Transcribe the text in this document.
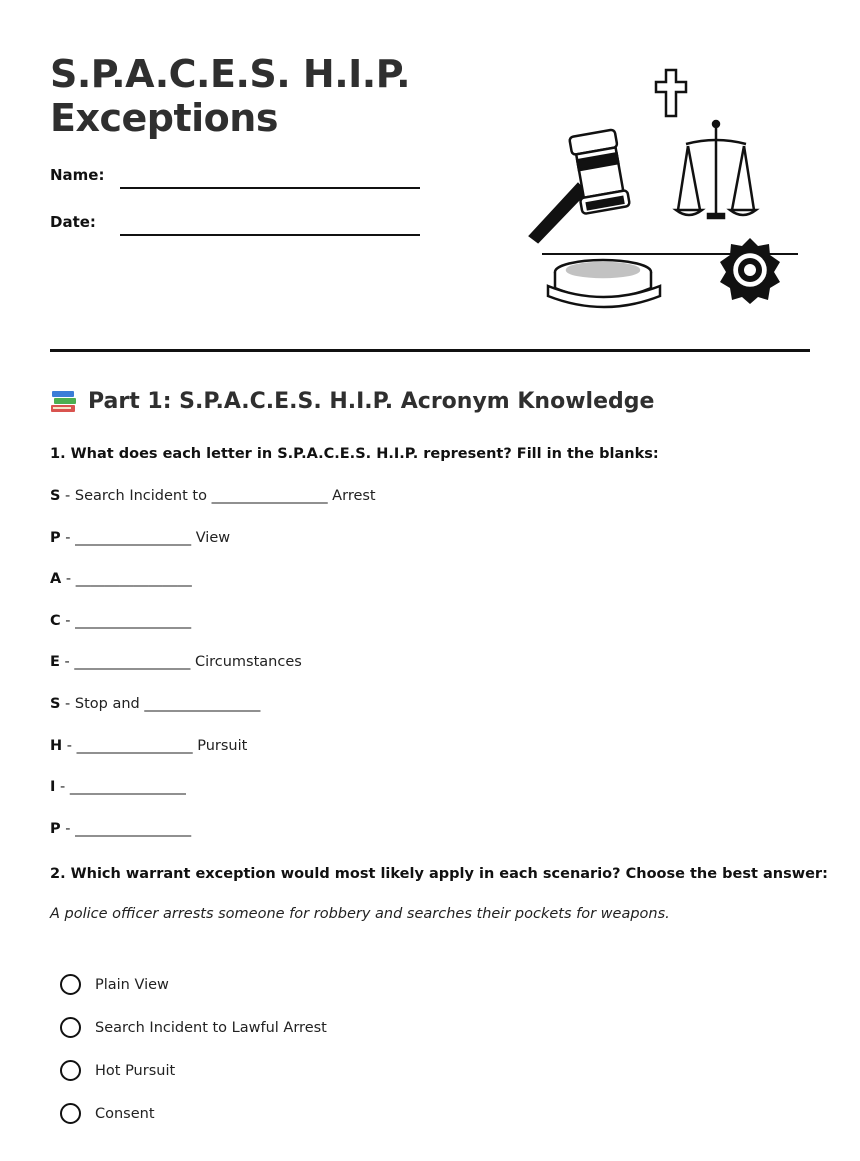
S.P.A.C.E.S. H.I.P.
Exceptions
Name:
Date:
Part 1: S.P.A.C.E.S. H.I.P. Acronym Knowledge
1. What does each letter in S.P.A.C.E.S. H.I.P. represent? Fill in the blanks:
S - Search Incident to ________________ Arrest
P - ________________ View
A - ________________
C - ________________
E - ________________ Circumstances
S - Stop and ________________
H - ________________ Pursuit
I - ________________
P - ________________
2. Which warrant exception would most likely apply in each scenario? Choose the best answer:
A police officer arrests someone for robbery and searches their pockets for weapons.
Plain View
Search Incident to Lawful Arrest
Hot Pursuit
Consent
